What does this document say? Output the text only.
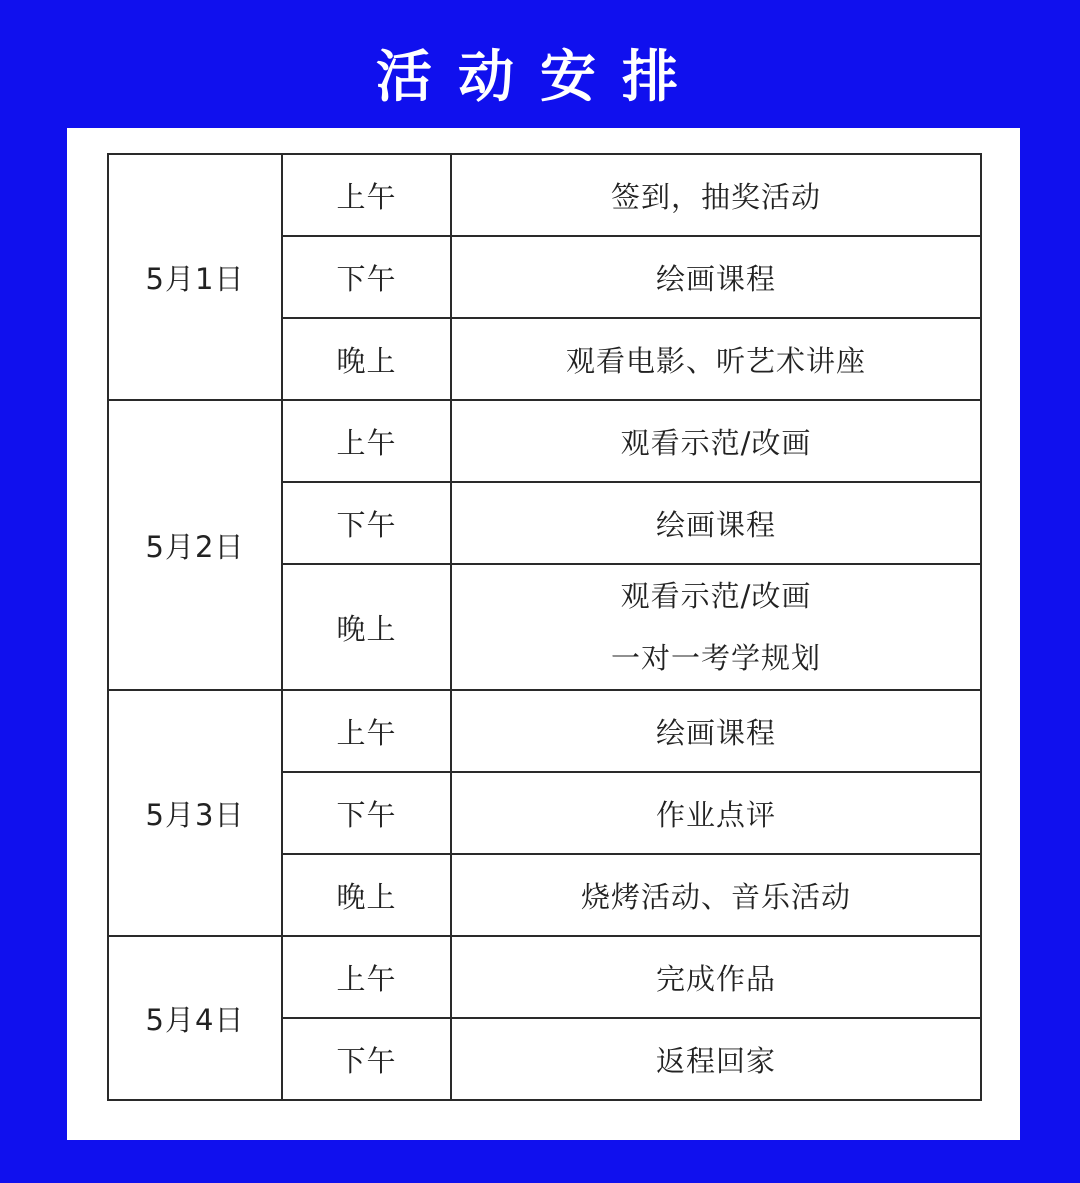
活动安排
5月1日	上午	签到，抽奖活动
	下午	绘画课程
	晚上	观看电影、听艺术讲座
5月2日	上午	观看示范/改画
	下午	绘画课程
	晚上	观看示范/改画
一对一考学规划

5月3日	上午	绘画课程
	下午	作业点评
	晚上	烧烤活动、音乐活动
5月4日	上午	完成作品
	下午	返程回家
